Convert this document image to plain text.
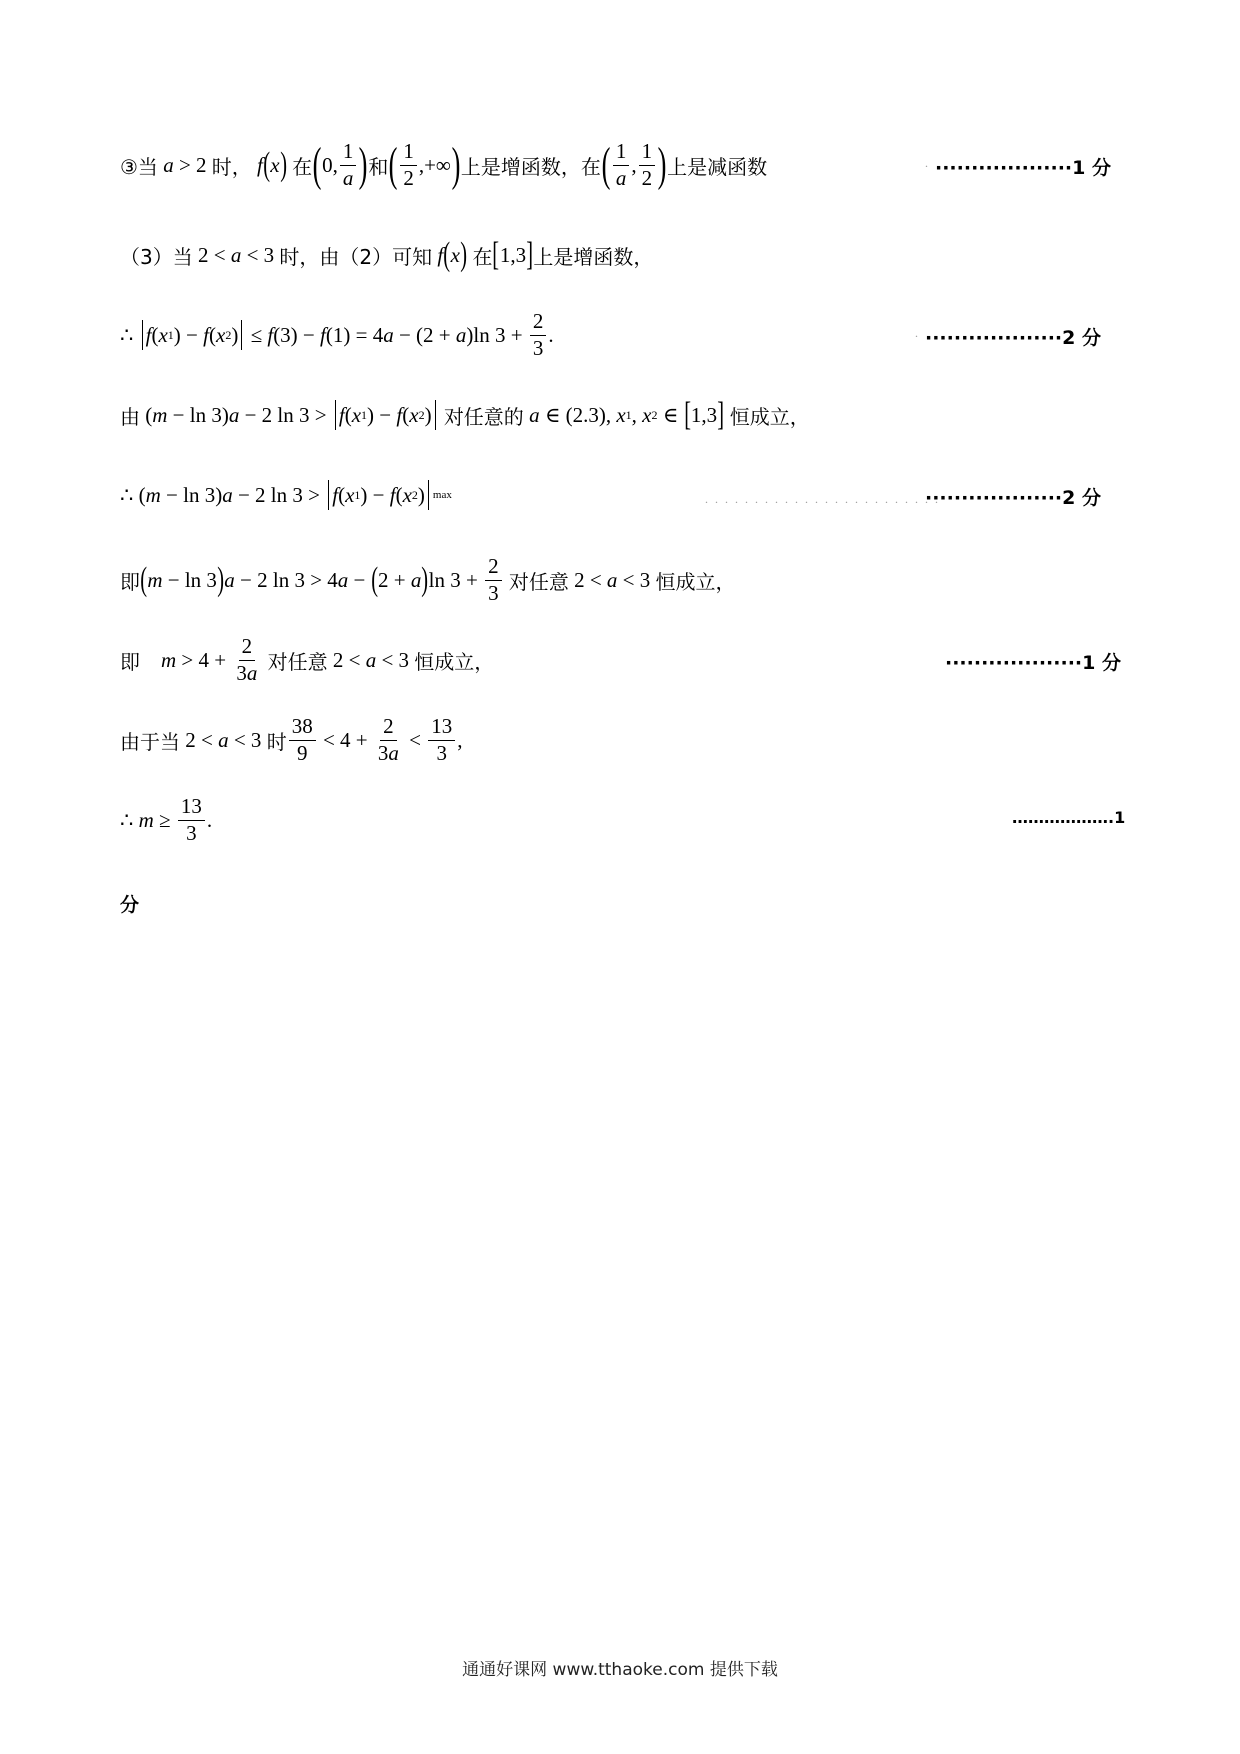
③当
a > 2 时，
f ( x )
在 ( 0, $\frac{1}{a}$ ) 和 ( $\frac{1}{2}$ ,+∞ ) 上是增函数，在 ( $\frac{1}{a}$ , $\frac{1}{2}$ ) 上是减函数	. ···················1 分
（3）当 2 < a < 3 时，由（2）可知
f ( x )
在 [ 1,3 ] 上是增函数，
∴ f ( x 1 ) − f ( x 2 )
≤ f (3) − f (1) = 4 a − (2 + a )ln $3 + \frac{2}{3}$ .	. ···················2 分
由 ( m − ln 3) a − 2 ln 3 > f ( x 1 ) − f ( x 2 )
对任意的
a ∈ (2.3), x 1 , x 2 ∈ [ 1,3 ]
恒成立，
∴ ( m − ln 3) a − 2 ln 3 > f ( x 1 ) − f ( x 2 ) max	. . . . . . . . . . . . . . . . . . . . . . . .
···················2 分
即 ( m − ln 3 ) a − 2 ln 3 > 4 a − ( 2 + a ) $\ln 3 + \frac{2}{3}$
对任意 2 < a < 3 恒成立，
即
$m > 4 + \frac{2}{3a}$
对任意 2 < a < 3 恒成立，	···················1 分
由于当 2 < a < 3 时 $\frac{38}{9} < 4 + \frac{2}{3a} < \frac{13}{3}$ ,
∴ $m \ge \frac{13}{3}$ .	……………….1
分
通通好课网 www.tthaoke.com 提供下载
